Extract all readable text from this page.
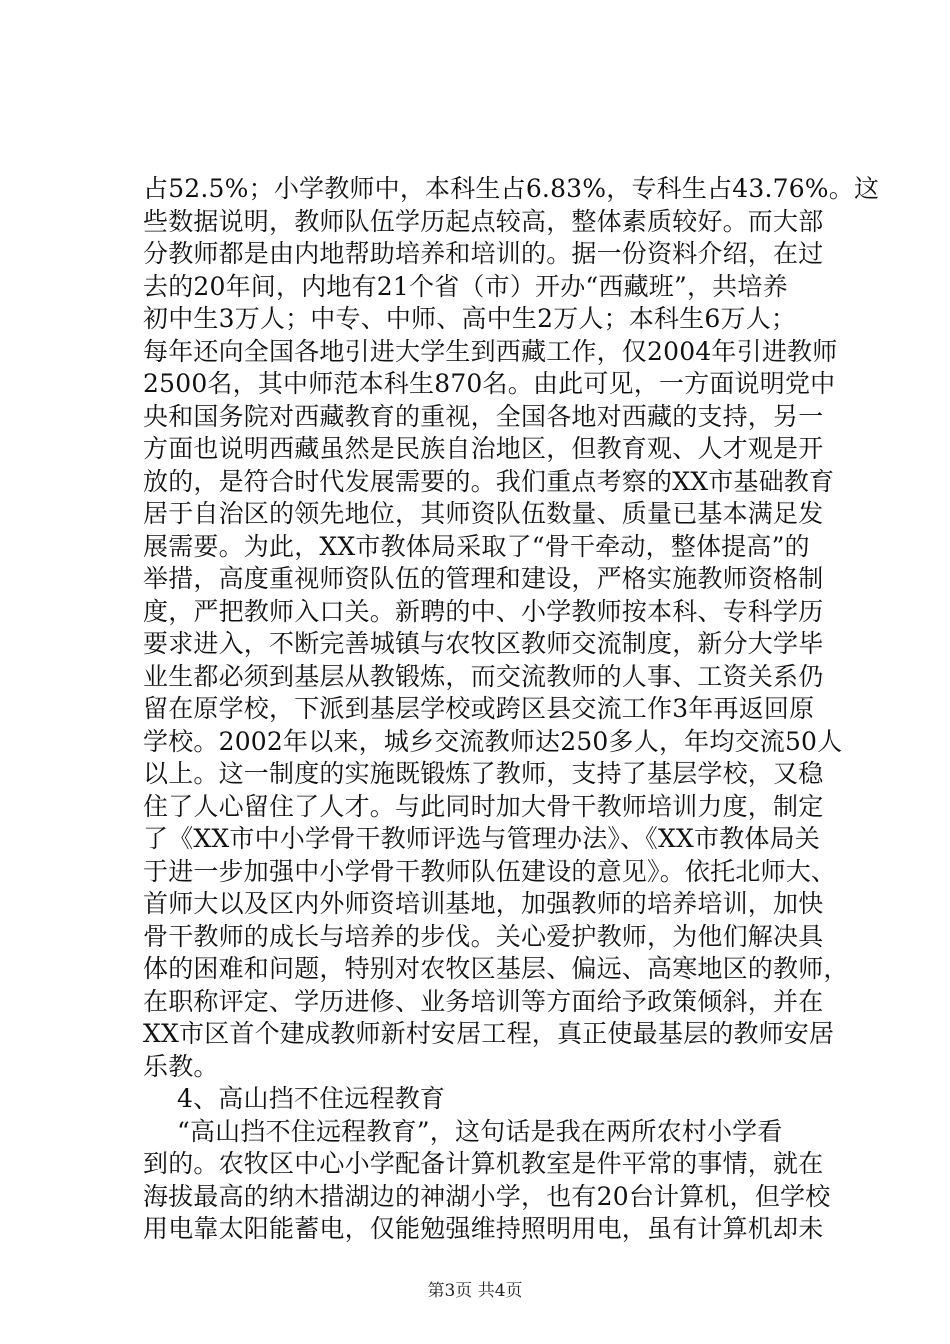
占52.5%；小学教师中，本科生占6.83%，专科生占43.76%。这
些数据说明，教师队伍学历起点较高，整体素质较好。而大部
分教师都是由内地帮助培养和培训的。据一份资料介绍，在过
去的20年间，内地有21个省（市）开办“西藏班”，共培养
初中生3万人；中专、中师、高中生2万人；本科生6万人；
每年还向全国各地引进大学生到西藏工作，仅2004年引进教师
2500名，其中师范本科生870名。由此可见，一方面说明党中
央和国务院对西藏教育的重视，全国各地对西藏的支持，另一
方面也说明西藏虽然是民族自治地区，但教育观、人才观是开
放的，是符合时代发展需要的。我们重点考察的XX市基础教育
居于自治区的领先地位，其师资队伍数量、质量已基本满足发
展需要。为此，XX市教体局采取了“骨干牵动，整体提高”的
举措，高度重视师资队伍的管理和建设，严格实施教师资格制
度，严把教师入口关。新聘的中、小学教师按本科、专科学历
要求进入，不断完善城镇与农牧区教师交流制度，新分大学毕
业生都必须到基层从教锻炼，而交流教师的人事、工资关系仍
留在原学校，下派到基层学校或跨区县交流工作3年再返回原
学校。2002年以来，城乡交流教师达250多人，年均交流50人
以上。这一制度的实施既锻炼了教师，支持了基层学校，又稳
住了人心留住了人才。与此同时加大骨干教师培训力度，制定
了《XX市中小学骨干教师评选与管理办法》、《XX市教体局关
于进一步加强中小学骨干教师队伍建设的意见》。依托北师大、
首师大以及区内外师资培训基地，加强教师的培养培训，加快
骨干教师的成长与培养的步伐。关心爱护教师，为他们解决具
体的困难和问题，特别对农牧区基层、偏远、高寒地区的教师，
在职称评定、学历进修、业务培训等方面给予政策倾斜，并在
XX市区首个建成教师新村安居工程，真正使最基层的教师安居
乐教。
4、高山挡不住远程教育
“高山挡不住远程教育”，这句话是我在两所农村小学看
到的。农牧区中心小学配备计算机教室是件平常的事情，就在
海拔最高的纳木措湖边的神湖小学，也有20台计算机，但学校
用电靠太阳能蓄电，仅能勉强维持照明用电，虽有计算机却未
第3页 共4页
